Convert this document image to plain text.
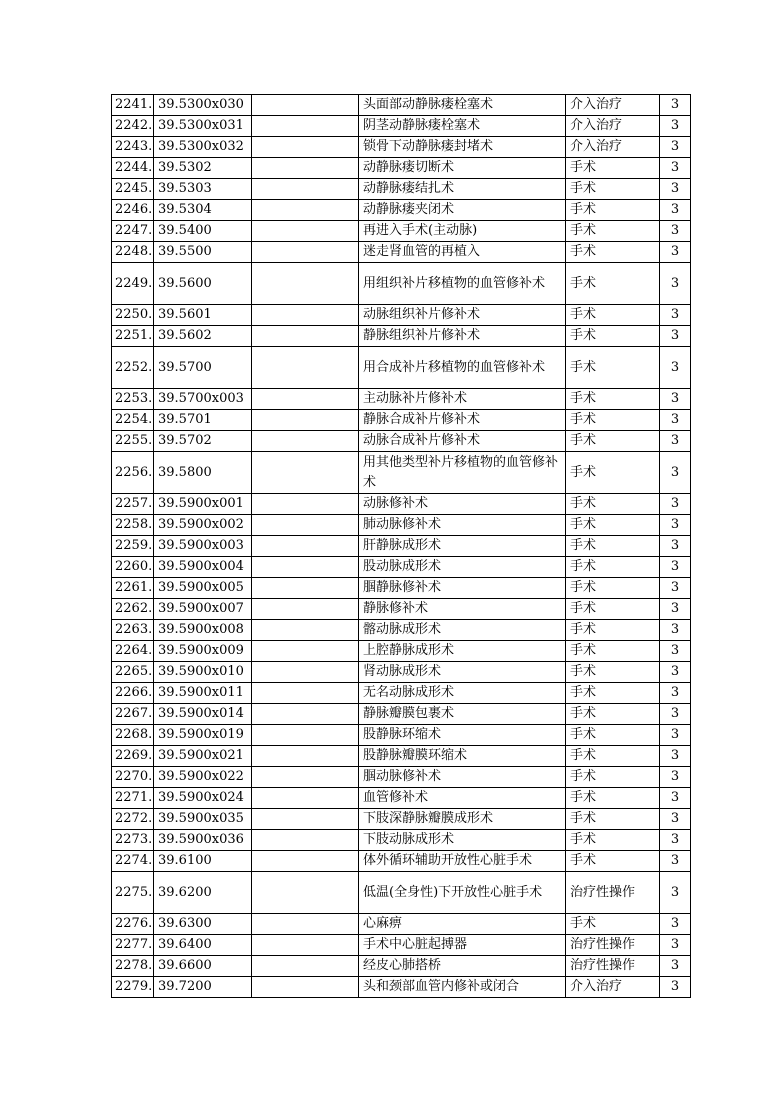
2241.	39.5300x030		头面部动静脉瘘栓塞术	介入治疗	3
2242.	39.5300x031		阴茎动静脉瘘栓塞术	介入治疗	3
2243.	39.5300x032		锁骨下动静脉瘘封堵术	介入治疗	3
2244.	39.5302		动静脉瘘切断术	手术	3
2245.	39.5303		动静脉瘘结扎术	手术	3
2246.	39.5304		动静脉瘘夹闭术	手术	3
2247.	39.5400		再进入手术(主动脉)	手术	3
2248.	39.5500		迷走肾血管的再植入	手术	3
2249.	39.5600		用组织补片移植物的血管修补术	手术	3
2250.	39.5601		动脉组织补片修补术	手术	3
2251.	39.5602		静脉组织补片修补术	手术	3
2252.	39.5700		用合成补片移植物的血管修补术	手术	3
2253.	39.5700x003		主动脉补片修补术	手术	3
2254.	39.5701		静脉合成补片修补术	手术	3
2255.	39.5702		动脉合成补片修补术	手术	3
2256.	39.5800		用其他类型补片移植物的血管修补术	手术	3
2257.	39.5900x001		动脉修补术	手术	3
2258.	39.5900x002		肺动脉修补术	手术	3
2259.	39.5900x003		肝静脉成形术	手术	3
2260.	39.5900x004		股动脉成形术	手术	3
2261.	39.5900x005		腘静脉修补术	手术	3
2262.	39.5900x007		静脉修补术	手术	3
2263.	39.5900x008		髂动脉成形术	手术	3
2264.	39.5900x009		上腔静脉成形术	手术	3
2265.	39.5900x010		肾动脉成形术	手术	3
2266.	39.5900x011		无名动脉成形术	手术	3
2267.	39.5900x014		静脉瓣膜包裹术	手术	3
2268.	39.5900x019		股静脉环缩术	手术	3
2269.	39.5900x021		股静脉瓣膜环缩术	手术	3
2270.	39.5900x022		腘动脉修补术	手术	3
2271.	39.5900x024		血管修补术	手术	3
2272.	39.5900x035		下肢深静脉瓣膜成形术	手术	3
2273.	39.5900x036		下肢动脉成形术	手术	3
2274.	39.6100		体外循环辅助开放性心脏手术	手术	3
2275.	39.6200		低温(全身性)下开放性心脏手术	治疗性操作	3
2276.	39.6300		心麻痹	手术	3
2277.	39.6400		手术中心脏起搏器	治疗性操作	3
2278.	39.6600		经皮心肺搭桥	治疗性操作	3
2279.	39.7200		头和颈部血管内修补或闭合	介入治疗	3
